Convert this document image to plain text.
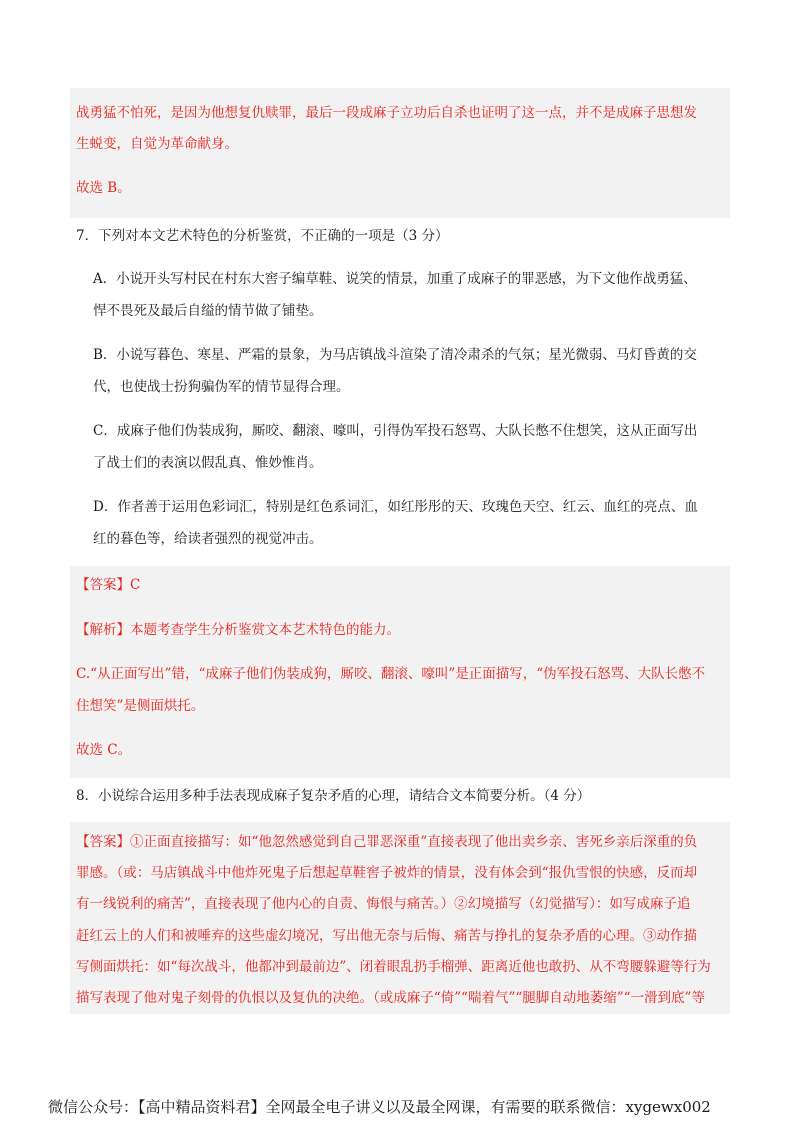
战勇猛不怕死，是因为他想复仇赎罪，最后一段成麻子立功后自杀也证明了这一点，并不是成麻子思想发
生蜕变，自觉为革命献身。
故选 B。
7．下列对本文艺术特色的分析鉴赏，不正确的一项是（3 分）
A．小说开头写村民在村东大窖子编草鞋、说笑的情景，加重了成麻子的罪恶感，为下文他作战勇猛、
悍不畏死及最后自缢的情节做了铺垫。
B．小说写暮色、寒星、严霜的景象，为马店镇战斗渲染了清冷肃杀的气氛；星光微弱、马灯昏黄的交
代，也使战士扮狗骗伪军的情节显得合理。
C．成麻子他们伪装成狗，厮咬、翻滚、嚎叫，引得伪军投石怒骂、大队长憋不住想笑，这从正面写出
了战士们的表演以假乱真、惟妙惟肖。
D．作者善于运用色彩词汇，特别是红色系词汇，如红彤彤的天、玫瑰色天空、红云、血红的亮点、血
红的暮色等，给读者强烈的视觉冲击。
【答案】C
【解析】本题考查学生分析鉴赏文本艺术特色的能力。
C.“从正面写出”错，“成麻子他们伪装成狗，厮咬、翻滚、嚎叫”是正面描写，“伪军投石怒骂、大队长憋不
住想笑”是侧面烘托。
故选 C。
8．小说综合运用多种手法表现成麻子复杂矛盾的心理，请结合文本简要分析。（4 分）
【答案】①正面直接描写：如“他忽然感觉到自己罪恶深重”直接表现了他出卖乡亲、害死乡亲后深重的负
罪感。（或：马店镇战斗中他炸死鬼子后想起草鞋窖子被炸的情景，没有体会到“报仇雪恨的快感，反而却
有一线锐利的痛苦”，直接表现了他内心的自责、悔恨与痛苦。）②幻境描写（幻觉描写）：如写成麻子追
赶红云上的人们和被唾弃的这些虚幻境况，写出他无奈与后悔、痛苦与挣扎的复杂矛盾的心理。③动作描
写侧面烘托：如“每次战斗，他都冲到最前边”、闭着眼乱扔手榴弹、距离近他也敢扔、从不弯腰躲避等行为
描写表现了他对鬼子刻骨的仇恨以及复仇的决绝。（或成麻子“倚”“喘着气”“腿脚自动地萎缩”“一滑到底”等
微信公众号：【高中精品资料君】全网最全电子讲义以及最全网课，有需要的联系微信：xygewx002
